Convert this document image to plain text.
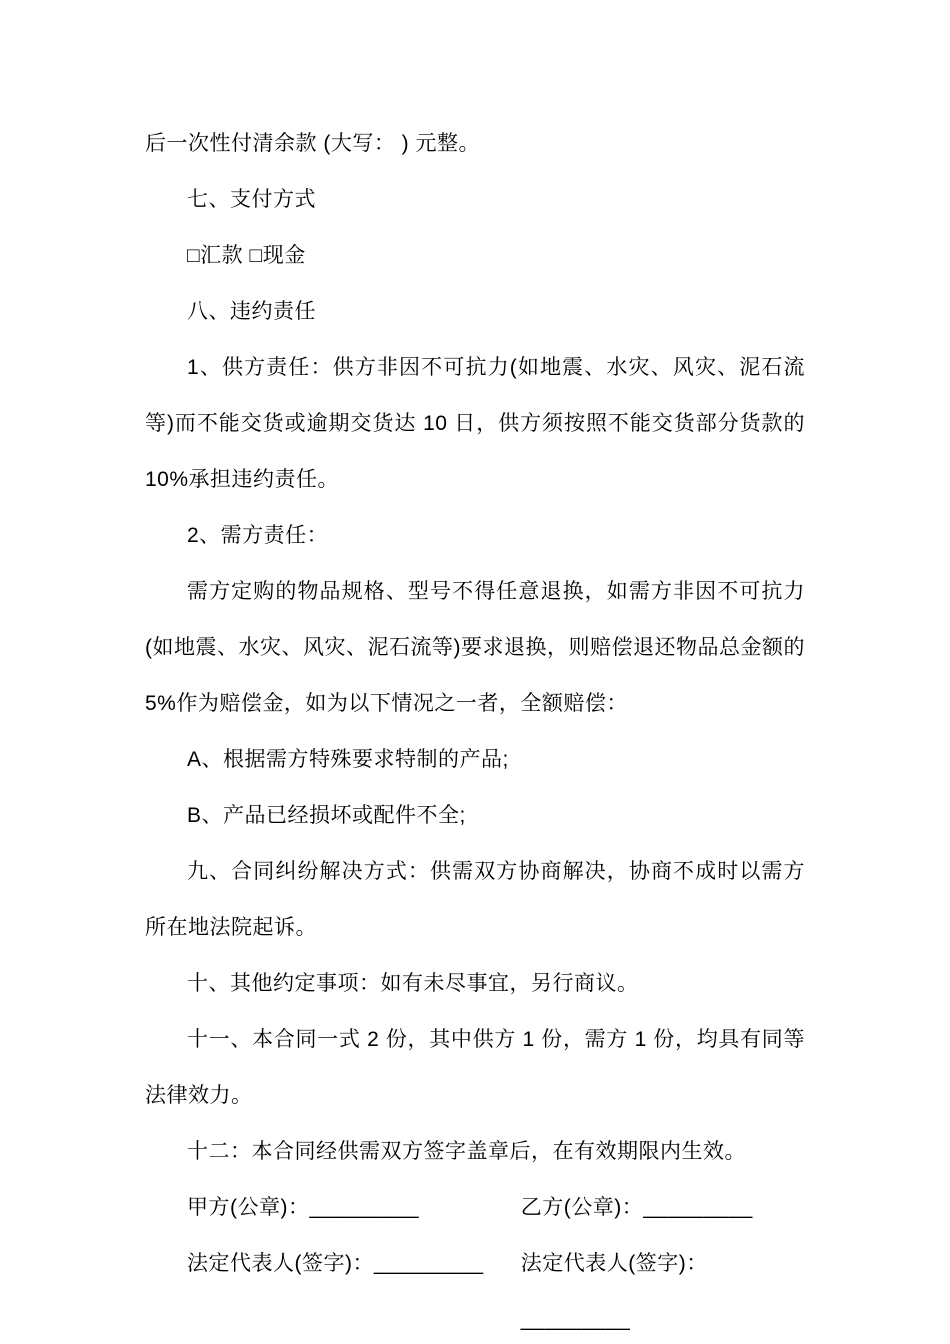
后一次性付清余款 (大写： ) 元整。

七、支付方式

□汇款 □现金

八、违约责任

1、供方责任：供方非因不可抗力(如地震、水灾、风灾、泥石流等)而不能交货或逾期交货达 10 日，供方须按照不能交货部分货款的 10%承担违约责任。

2、需方责任：

需方定购的物品规格、型号不得任意退换，如需方非因不可抗力(如地震、水灾、风灾、泥石流等)要求退换，则赔偿退还物品总金额的 5%作为赔偿金，如为以下情况之一者，全额赔偿：

A、根据需方特殊要求特制的产品;

B、产品已经损坏或配件不全;

九、合同纠纷解决方式：供需双方协商解决，协商不成时以需方所在地法院起诉。

十、其他约定事项：如有未尽事宜，另行商议。

十一、本合同一式 2 份，其中供方 1 份，需方 1 份，均具有同等法律效力。

十二：本合同经供需双方签字盖章后，在有效期限内生效。

甲方(公章)：_________	乙方(公章)：_________
法定代表人(签字)：_________	法定代表人(签字)：_________
